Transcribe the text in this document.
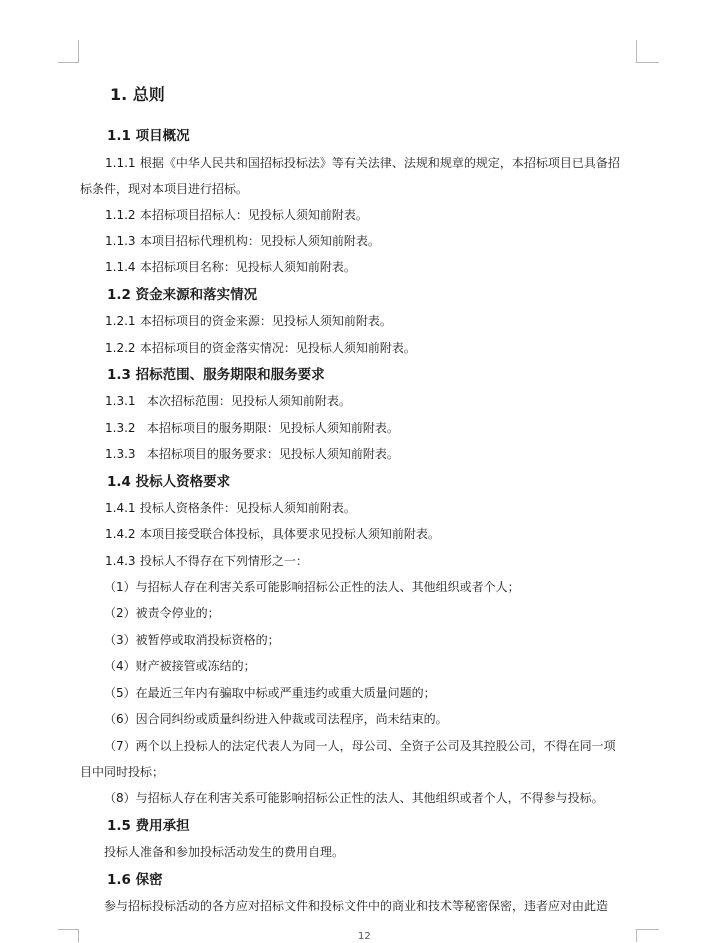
1. 总则
1.1 项目概况
1.1.1 根据《中华人民共和国招标投标法》等有关法律、法规和规章的规定，本招标项目已具备招
标条件，现对本项目进行招标。
1.1.2 本招标项目招标人：见投标人须知前附表。
1.1.3 本项目招标代理机构：见投标人须知前附表。
1.1.4 本招标项目名称：见投标人须知前附表。
1.2 资金来源和落实情况
1.2.1 本招标项目的资金来源：见投标人须知前附表。
1.2.2 本招标项目的资金落实情况：见投标人须知前附表。
1.3 招标范围、服务期限和服务要求
1.3.1 本次招标范围：见投标人须知前附表。
1.3.2 本招标项目的服务期限：见投标人须知前附表。
1.3.3 本招标项目的服务要求：见投标人须知前附表。
1.4 投标人资格要求
1.4.1 投标人资格条件：见投标人须知前附表。
1.4.2 本项目接受联合体投标，具体要求见投标人须知前附表。
1.4.3 投标人不得存在下列情形之一：
（1）与招标人存在利害关系可能影响招标公正性的法人、其他组织或者个人；
（2）被责令停业的；
（3）被暂停或取消投标资格的；
（4）财产被接管或冻结的；
（5）在最近三年内有骗取中标或严重违约或重大质量问题的；
（6）因合同纠纷或质量纠纷进入仲裁或司法程序，尚未结束的。
（7）两个以上投标人的法定代表人为同一人，母公司、全资子公司及其控股公司，不得在同一项
目中同时投标；
（8）与招标人存在利害关系可能影响招标公正性的法人、其他组织或者个人，不得参与投标。
1.5 费用承担
投标人准备和参加投标活动发生的费用自理。
1.6 保密
参与招标投标活动的各方应对招标文件和投标文件中的商业和技术等秘密保密，违者应对由此造
12
